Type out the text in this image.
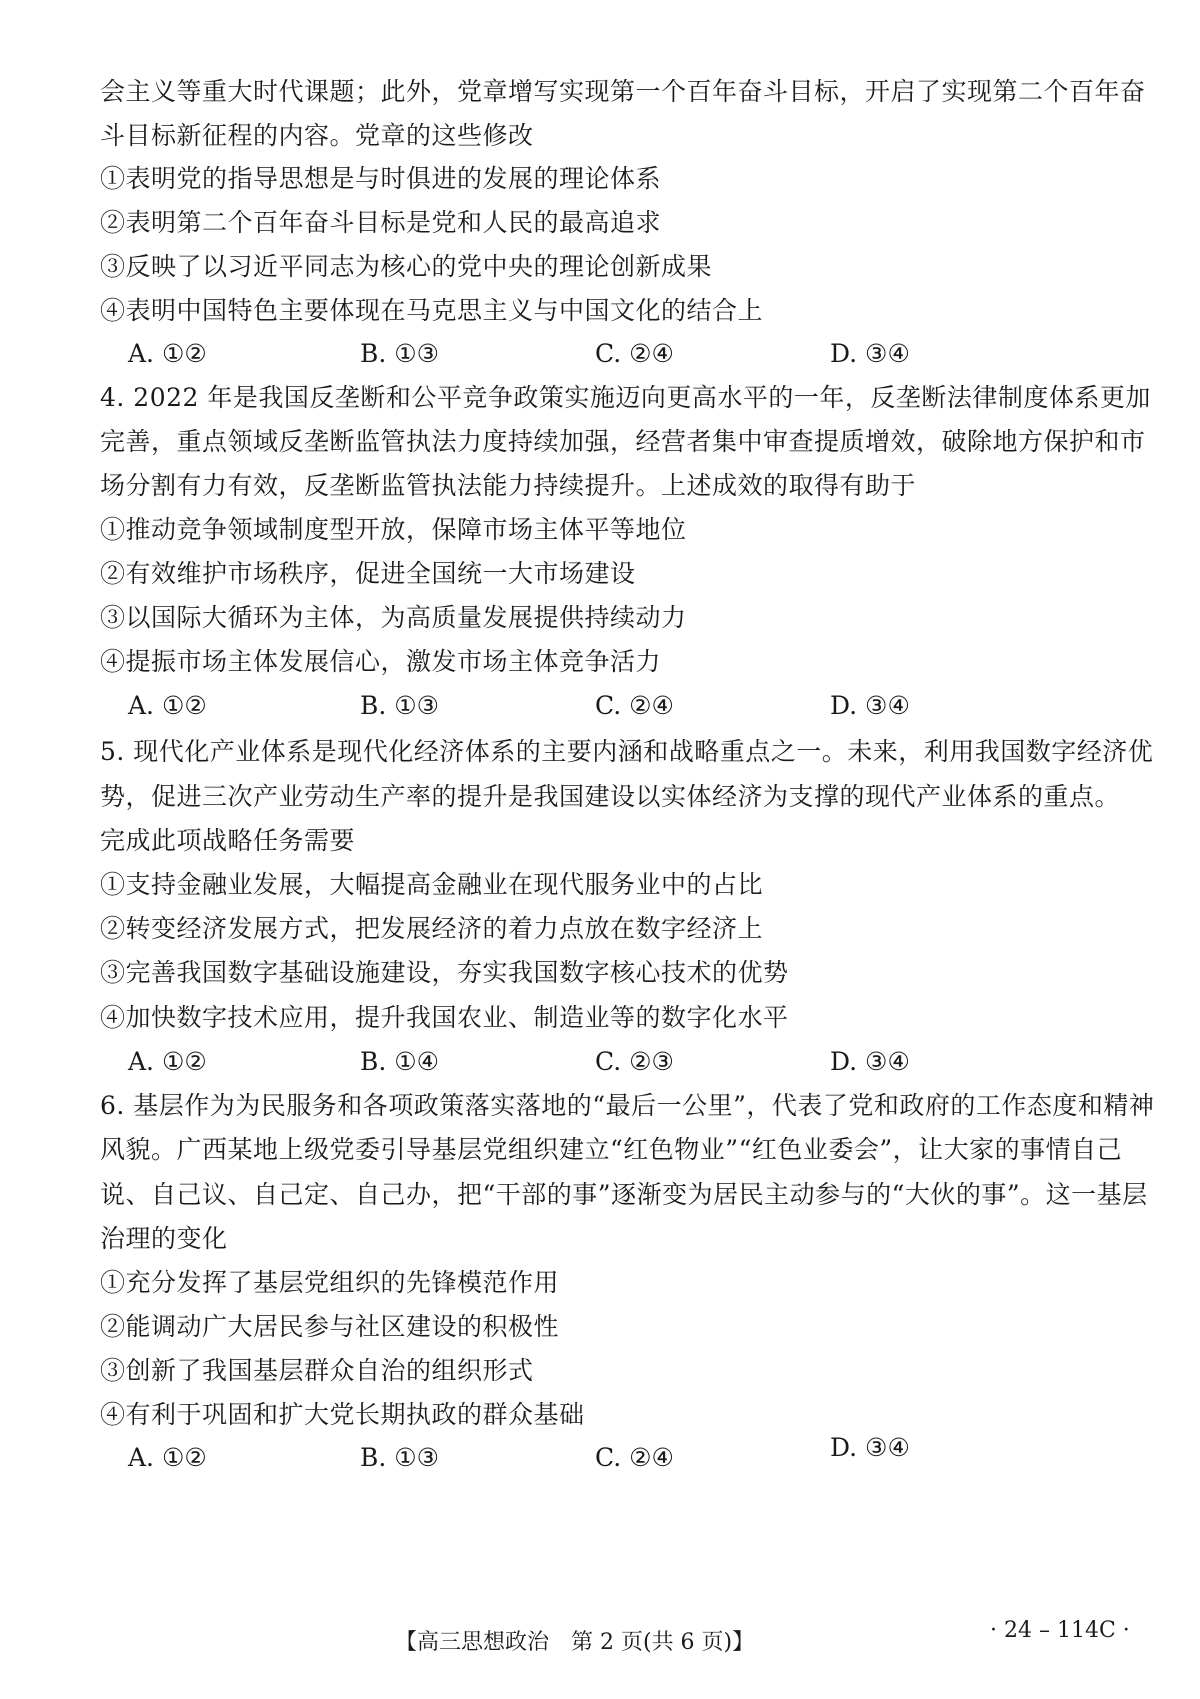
会主义等重大时代课题；此外，党章增写实现第一个百年奋斗目标，开启了实现第二个百年奋
斗目标新征程的内容。党章的这些修改
①表明党的指导思想是与时俱进的发展的理论体系
②表明第二个百年奋斗目标是党和人民的最高追求
③反映了以习近平同志为核心的党中央的理论创新成果
④表明中国特色主要体现在马克思主义与中国文化的结合上
A. ①②	B. ①③	C. ②④	D. ③④
4. 2022 年是我国反垄断和公平竞争政策实施迈向更高水平的一年，反垄断法律制度体系更加
完善，重点领域反垄断监管执法力度持续加强，经营者集中审查提质增效，破除地方保护和市
场分割有力有效，反垄断监管执法能力持续提升。上述成效的取得有助于
①推动竞争领域制度型开放，保障市场主体平等地位
②有效维护市场秩序，促进全国统一大市场建设
③以国际大循环为主体，为高质量发展提供持续动力
④提振市场主体发展信心，激发市场主体竞争活力
A. ①②	B. ①③	C. ②④	D. ③④
5. 现代化产业体系是现代化经济体系的主要内涵和战略重点之一。未来，利用我国数字经济优
势，促进三次产业劳动生产率的提升是我国建设以实体经济为支撑的现代产业体系的重点。
完成此项战略任务需要
①支持金融业发展，大幅提高金融业在现代服务业中的占比
②转变经济发展方式，把发展经济的着力点放在数字经济上
③完善我国数字基础设施建设，夯实我国数字核心技术的优势
④加快数字技术应用，提升我国农业、制造业等的数字化水平
A. ①②	B. ①④	C. ②③	D. ③④
6. 基层作为为民服务和各项政策落实落地的“最后一公里”，代表了党和政府的工作态度和精神
风貌。广西某地上级党委引导基层党组织建立“红色物业”“红色业委会”，让大家的事情自己
说、自己议、自己定、自己办，把“干部的事”逐渐变为居民主动参与的“大伙的事”。这一基层
治理的变化
①充分发挥了基层党组织的先锋模范作用
②能调动广大居民参与社区建设的积极性
③创新了我国基层群众自治的组织形式
④有利于巩固和扩大党长期执政的群众基础
A. ①②	B. ①③	C. ②④	D. ③④
【高三思想政治　第 2 页(共 6 页)】	· 24 – 114C ·
